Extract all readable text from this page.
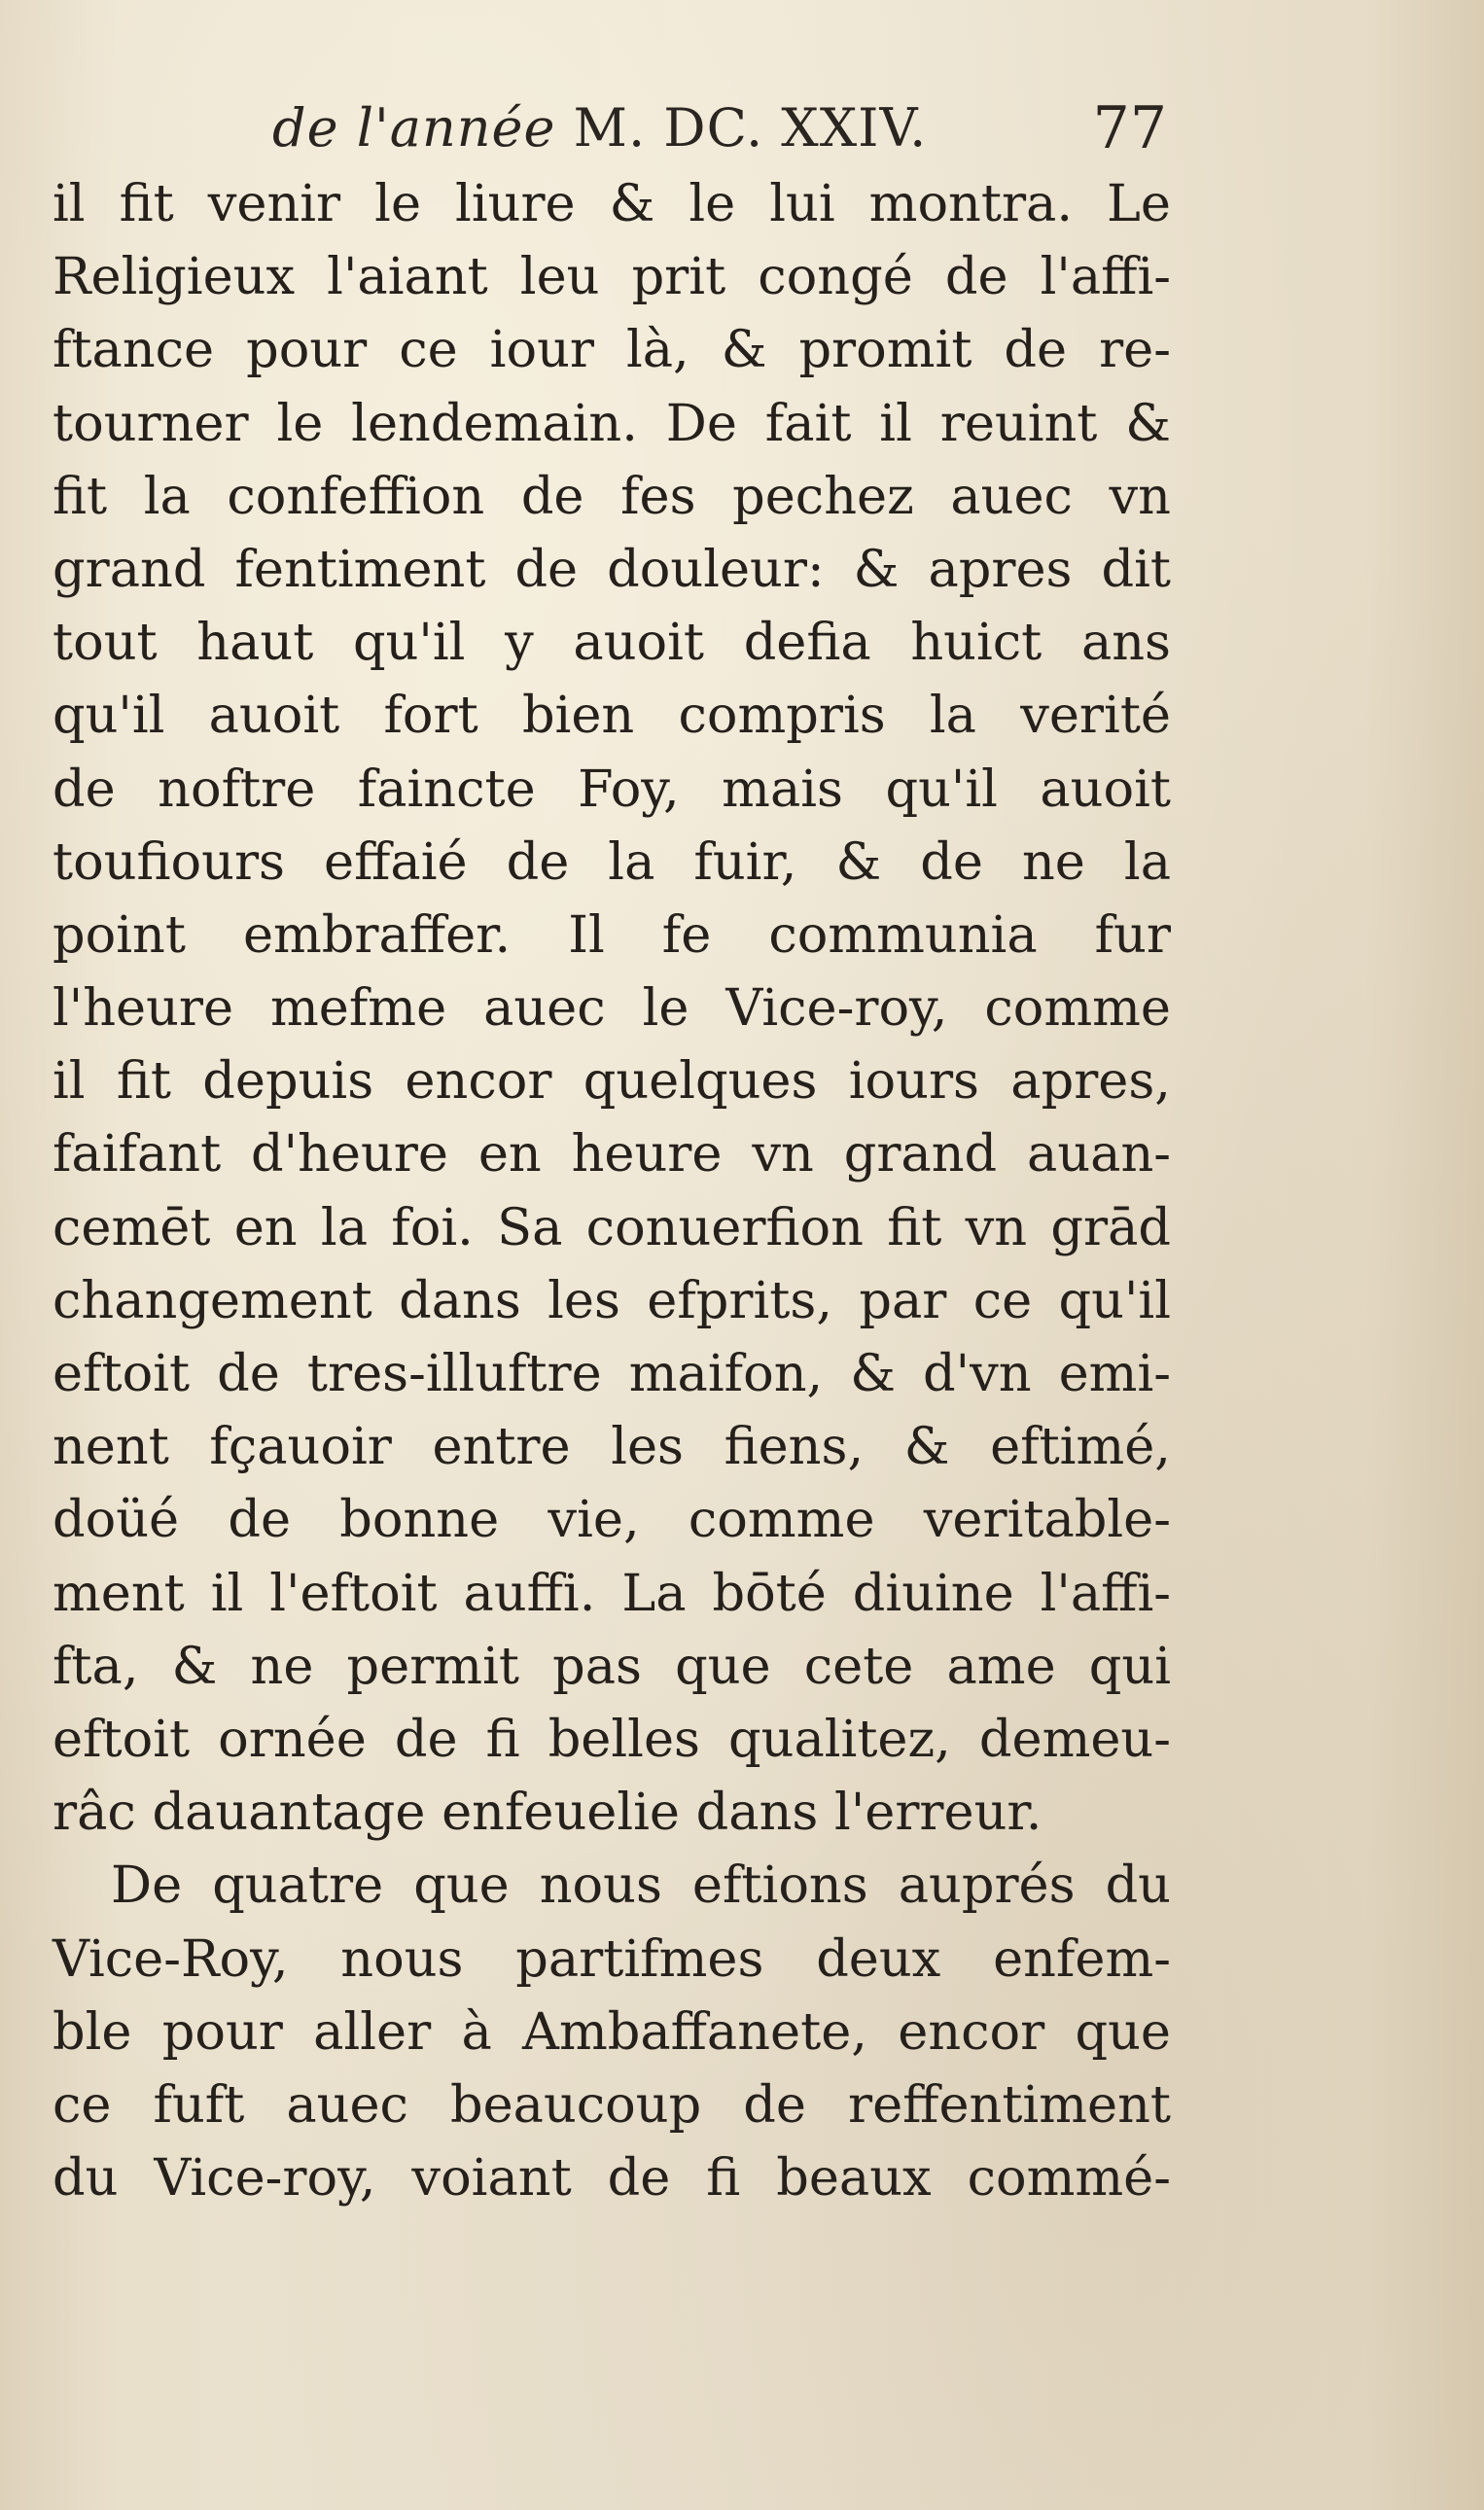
de l'année M. DC. XXIV.	77
il fit venir le liure & le lui montra. Le
Religieux l'aiant leu prit congé de l'affi-
ftance pour ce iour là, & promit de re-
tourner le lendemain. De fait il reuint &
fit la confeffion de fes pechez auec vn
grand fentiment de douleur: & apres dit
tout haut qu'il y auoit defia huict ans
qu'il auoit fort bien compris la verité
de noftre faincte Foy, mais qu'il auoit
toufiours effaié de la fuir, & de ne la
point embraffer. Il fe communia fur
l'heure mefme auec le Vice-roy, comme
il fit depuis encor quelques iours apres,
faifant d'heure en heure vn grand auan-
cemēt en la foi. Sa conuerfion fit vn grād
changement dans les efprits, par ce qu'il
eftoit de tres-illuftre maifon, & d'vn emi-
nent fçauoir entre les fiens, & eftimé,
doüé de bonne vie, comme veritable-
ment il l'eftoit auffi. La bōté diuine l'affi-
fta, & ne permit pas que cete ame qui
eftoit ornée de fi belles qualitez, demeu-
râc dauantage enfeuelie dans l'erreur.
De quatre que nous eftions auprés du
Vice-Roy, nous partifmes deux enfem-
ble pour aller à Ambaffanete, encor que
ce fuft auec beaucoup de reffentiment
du Vice-roy, voiant de fi beaux commé-
